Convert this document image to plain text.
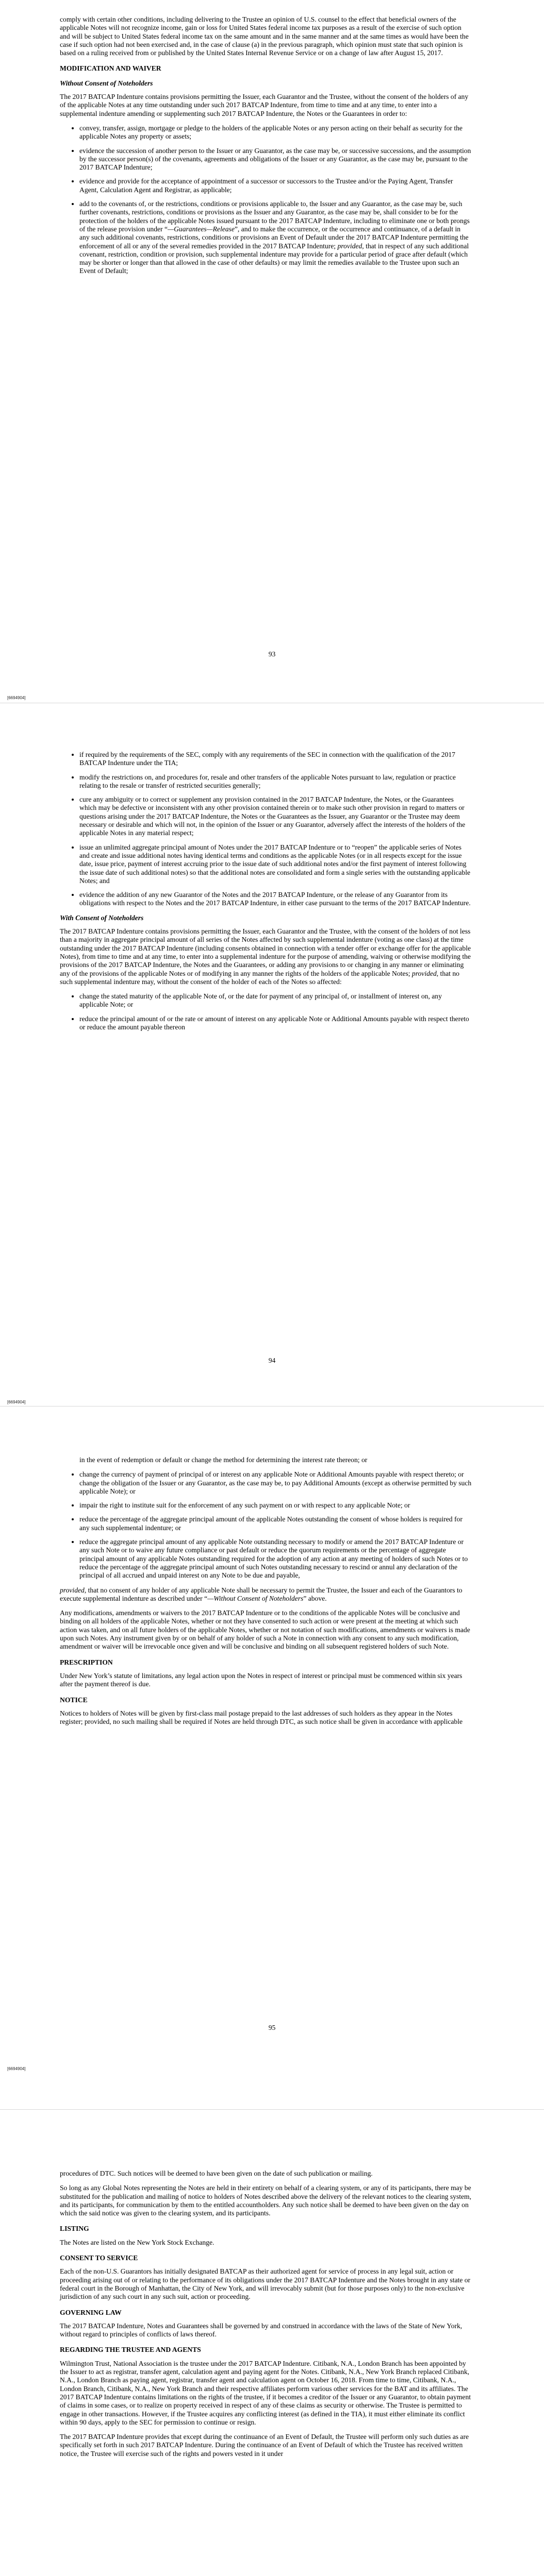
comply with certain other conditions, including delivering to the Trustee an opinion of U.S. counsel to the effect that beneficial owners of the applicable Notes will not recognize income, gain or loss for United States federal income tax purposes as a result of the exercise of such option and will be subject to United States federal income tax on the same amount and in the same manner and at the same times as would have been the case if such option had not been exercised and, in the case of clause (a) in the previous paragraph, which opinion must state that such opinion is based on a ruling received from or published by the United States Internal Revenue Service or on a change of law after August 15, 2017.

MODIFICATION AND WAIVER

Without Consent of Noteholders

The 2017 BATCAP Indenture contains provisions permitting the Issuer, each Guarantor and the Trustee, without the consent of the holders of any of the applicable Notes at any time outstanding under such 2017 BATCAP Indenture, from time to time and at any time, to enter into a supplemental indenture amending or supplementing such 2017 BATCAP Indenture, the Notes or the Guarantees in order to:

• convey, transfer, assign, mortgage or pledge to the holders of the applicable Notes or any person acting on their behalf as security for the applicable Notes any property or assets;
• evidence the succession of another person to the Issuer or any Guarantor, as the case may be, or successive successions, and the assumption by the successor person(s) of the covenants, agreements and obligations of the Issuer or any Guarantor, as the case may be, pursuant to the 2017 BATCAP Indenture;
• evidence and provide for the acceptance of appointment of a successor or successors to the Trustee and/or the Paying Agent, Transfer Agent, Calculation Agent and Registrar, as applicable;
• add to the covenants of, or the restrictions, conditions or provisions applicable to, the Issuer and any Guarantor, as the case may be, such further covenants, restrictions, conditions or provisions as the Issuer and any Guarantor, as the case may be, shall consider to be for the protection of the holders of the applicable Notes issued pursuant to the 2017 BATCAP Indenture, including to eliminate one or both prongs of the release provision under “—Guarantees—Release”, and to make the occurrence, or the occurrence and continuance, of a default in any such additional covenants, restrictions, conditions or provisions an Event of Default under the 2017 BATCAP Indenture permitting the enforcement of all or any of the several remedies provided in the 2017 BATCAP Indenture; provided, that in respect of any such additional covenant, restriction, condition or provision, such supplemental indenture may provide for a particular period of grace after default (which may be shorter or longer than that allowed in the case of other defaults) or may limit the remedies available to the Trustee upon such an Event of Default;
93
[6694904]
• if required by the requirements of the SEC, comply with any requirements of the SEC in connection with the qualification of the 2017 BATCAP Indenture under the TIA;
• modify the restrictions on, and procedures for, resale and other transfers of the applicable Notes pursuant to law, regulation or practice relating to the resale or transfer of restricted securities generally;
• cure any ambiguity or to correct or supplement any provision contained in the 2017 BATCAP Indenture, the Notes, or the Guarantees which may be defective or inconsistent with any other provision contained therein or to make such other provision in regard to matters or questions arising under the 2017 BATCAP Indenture, the Notes or the Guarantees as the Issuer, any Guarantor or the Trustee may deem necessary or desirable and which will not, in the opinion of the Issuer or any Guarantor, adversely affect the interests of the holders of the applicable Notes in any material respect;
• issue an unlimited aggregate principal amount of Notes under the 2017 BATCAP Indenture or to “reopen” the applicable series of Notes and create and issue additional notes having identical terms and conditions as the applicable Notes (or in all respects except for the issue date, issue price, payment of interest accruing prior to the issue date of such additional notes and/or the first payment of interest following the issue date of such additional notes) so that the additional notes are consolidated and form a single series with the outstanding applicable Notes; and
• evidence the addition of any new Guarantor of the Notes and the 2017 BATCAP Indenture, or the release of any Guarantor from its obligations with respect to the Notes and the 2017 BATCAP Indenture, in either case pursuant to the terms of the 2017 BATCAP Indenture.

With Consent of Noteholders

The 2017 BATCAP Indenture contains provisions permitting the Issuer, each Guarantor and the Trustee, with the consent of the holders of not less than a majority in aggregate principal amount of all series of the Notes affected by such supplemental indenture (voting as one class) at the time outstanding under the 2017 BATCAP Indenture (including consents obtained in connection with a tender offer or exchange offer for the applicable Notes), from time to time and at any time, to enter into a supplemental indenture for the purpose of amending, waiving or otherwise modifying the provisions of the 2017 BATCAP Indenture, the Notes and the Guarantees, or adding any provisions to or changing in any manner or eliminating any of the provisions of the applicable Notes or of modifying in any manner the rights of the holders of the applicable Notes; provided, that no such supplemental indenture may, without the consent of the holder of each of the Notes so affected:

• change the stated maturity of the applicable Note of, or the date for payment of any principal of, or installment of interest on, any applicable Note; or
• reduce the principal amount of or the rate or amount of interest on any applicable Note or Additional Amounts payable with respect thereto or reduce the amount payable thereon
94
[6694904]

in the event of redemption or default or change the method for determining the interest rate thereon; or

• change the currency of payment of principal of or interest on any applicable Note or Additional Amounts payable with respect thereto; or change the obligation of the Issuer or any Guarantor, as the case may be, to pay Additional Amounts (except as otherwise permitted by such applicable Note); or
• impair the right to institute suit for the enforcement of any such payment on or with respect to any applicable Note; or
• reduce the percentage of the aggregate principal amount of the applicable Notes outstanding the consent of whose holders is required for any such supplemental indenture; or
• reduce the aggregate principal amount of any applicable Note outstanding necessary to modify or amend the 2017 BATCAP Indenture or any such Note or to waive any future compliance or past default or reduce the quorum requirements or the percentage of aggregate principal amount of any applicable Notes outstanding required for the adoption of any action at any meeting of holders of such Notes or to reduce the percentage of the aggregate principal amount of such Notes outstanding necessary to rescind or annul any declaration of the principal of all accrued and unpaid interest on any Note to be due and payable,

provided, that no consent of any holder of any applicable Note shall be necessary to permit the Trustee, the Issuer and each of the Guarantors to execute supplemental indenture as described under “—Without Consent of Noteholders” above.

Any modifications, amendments or waivers to the 2017 BATCAP Indenture or to the conditions of the applicable Notes will be conclusive and binding on all holders of the applicable Notes, whether or not they have consented to such action or were present at the meeting at which such action was taken, and on all future holders of the applicable Notes, whether or not notation of such modifications, amendments or waivers is made upon such Notes. Any instrument given by or on behalf of any holder of such a Note in connection with any consent to any such modification, amendment or waiver will be irrevocable once given and will be conclusive and binding on all subsequent registered holders of such Note.

PRESCRIPTION

Under New York’s statute of limitations, any legal action upon the Notes in respect of interest or principal must be commenced within six years after the payment thereof is due.

NOTICE

Notices to holders of Notes will be given by first-class mail postage prepaid to the last addresses of such holders as they appear in the Notes register; provided, no such mailing shall be required if Notes are held through DTC, as such notice shall be given in accordance with applicable

95
[6694904]

procedures of DTC. Such notices will be deemed to have been given on the date of such publication or mailing.

So long as any Global Notes representing the Notes are held in their entirety on behalf of a clearing system, or any of its participants, there may be substituted for the publication and mailing of notice to holders of Notes described above the delivery of the relevant notices to the clearing system, and its participants, for communication by them to the entitled accountholders. Any such notice shall be deemed to have been given on the day on which the said notice was given to the clearing system, and its participants.

LISTING

The Notes are listed on the New York Stock Exchange.

CONSENT TO SERVICE

Each of the non-U.S. Guarantors has initially designated BATCAP as their authorized agent for service of process in any legal suit, action or proceeding arising out of or relating to the performance of its obligations under the 2017 BATCAP Indenture and the Notes brought in any state or federal court in the Borough of Manhattan, the City of New York, and will irrevocably submit (but for those purposes only) to the non-exclusive jurisdiction of any such court in any such suit, action or proceeding.

GOVERNING LAW

The 2017 BATCAP Indenture, Notes and Guarantees shall be governed by and construed in accordance with the laws of the State of New York, without regard to principles of conflicts of laws thereof.

REGARDING THE TRUSTEE AND AGENTS

Wilmington Trust, National Association is the trustee under the 2017 BATCAP Indenture. Citibank, N.A., London Branch has been appointed by the Issuer to act as registrar, transfer agent, calculation agent and paying agent for the Notes. Citibank, N.A., New York Branch replaced Citibank, N.A., London Branch as paying agent, registrar, transfer agent and calculation agent on October 16, 2018. From time to time, Citibank, N.A., London Branch, Citibank, N.A., New York Branch and their respective affiliates perform various other services for the BAT and its affiliates. The 2017 BATCAP Indenture contains limitations on the rights of the trustee, if it becomes a creditor of the Issuer or any Guarantor, to obtain payment of claims in some cases, or to realize on property received in respect of any of these claims as security or otherwise. The Trustee is permitted to engage in other transactions. However, if the Trustee acquires any conflicting interest (as defined in the TIA), it must either eliminate its conflict within 90 days, apply to the SEC for permission to continue or resign.

The 2017 BATCAP Indenture provides that except during the continuance of an Event of Default, the Trustee will perform only such duties as are specifically set forth in such 2017 BATCAP Indenture. During the continuance of an Event of Default of which the Trustee has received written notice, the Trustee will exercise such of the rights and powers vested in it under
